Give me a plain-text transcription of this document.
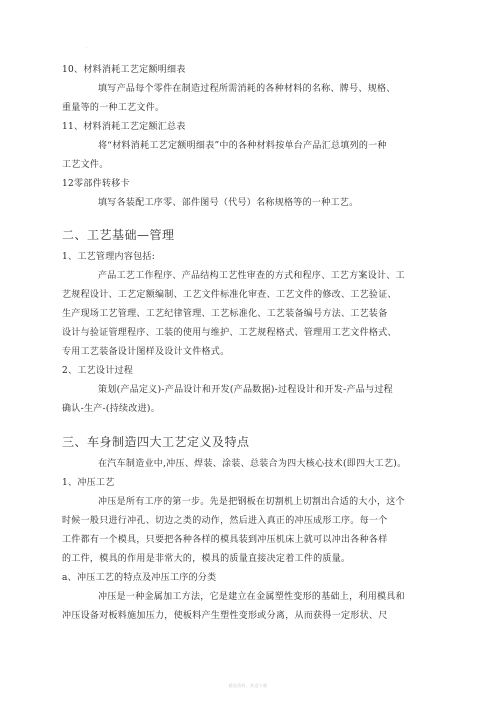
.
10、材料消耗工艺定额明细表
填写产品每个零件在制造过程所需消耗的各种材料的名称、牌号、规格、
重量等的一种工艺文件。
11、材料消耗工艺定额汇总表
将“材料消耗工艺定额明细表”中的各种材料按单台产品汇总填列的一种
工艺文件。
12零部件转移卡
填写各装配工序零、部件图号（代号）名称规格等的一种工艺。
二、工艺基础—管理
1、工艺管理内容包括:
产品工艺工作程序、产品结构工艺性审查的方式和程序、工艺方案设计、工
艺规程设计、工艺定额编制、工艺文件标准化审查、工艺文件的修改、工艺验证、
生产现场工艺管理、工艺纪律管理、工艺标准化、工艺装备编号方法、工艺装备
设计与验证管理程序、工装的使用与维护、工艺规程格式、管理用工艺文件格式、
专用工艺装备设计图样及设计文件格式。
2、工艺设计过程
策划(产品定义)-产品设计和开发(产品数据)-过程设计和开发-产品与过程
确认-生产-(持续改进)。
三、车身制造四大工艺定义及特点
在汽车制造业中,冲压、焊装、涂装、总装合为四大核心技术(即四大工艺)。
1、冲压工艺
冲压是所有工序的第一步。先是把钢板在切割机上切割出合适的大小，这个
时候一般只进行冲孔、切边之类的动作，然后进入真正的冲压成形工序。每一个
工件都有一个模具，只要把各种各样的模具装到冲压机床上就可以冲出各种各样
的工件，模具的作用是非常大的，模具的质量直接决定着工件的质量。
a、冲压工艺的特点及冲压工序的分类
冲压是一种金属加工方法，它是建立在金属塑性变形的基础上，利用模具和
冲压设备对板料施加压力，使板料产生塑性变形或分离，从而获得一定形状、尺
精选资料，欢迎下载
